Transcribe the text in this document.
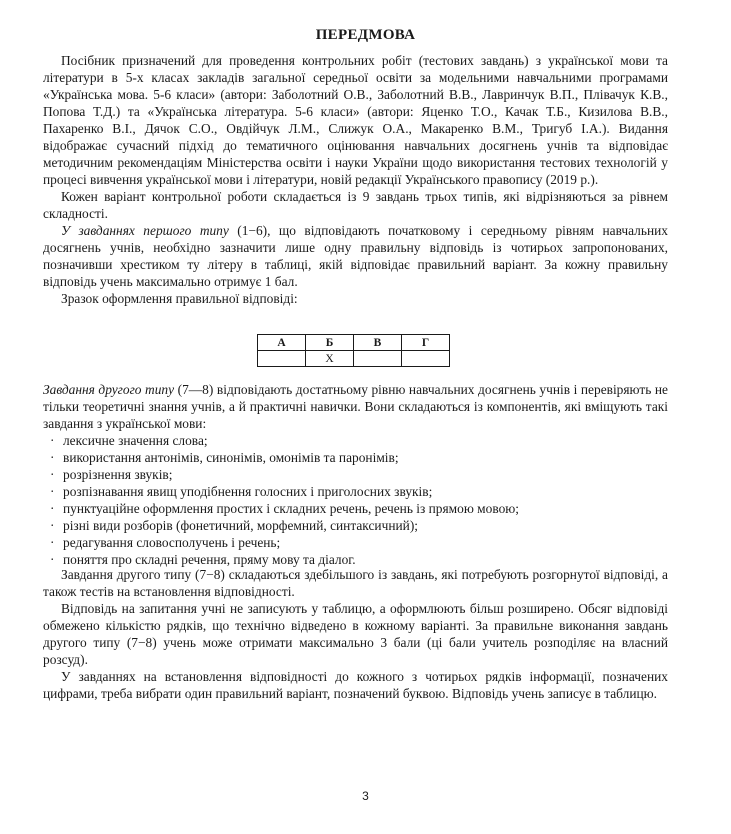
ПЕРЕДМОВА

Посібник призначений для проведення контрольних робіт (тестових завдань) з української мови та літератури в 5-х класах закладів загальної середньої освіти за модельними навчальними програмами «Українська мова. 5-6 класи» (автори: Заболотний О.В., Заболотний В.В., Лавринчук В.П., Плівачук К.В., Попова Т.Д.) та «Українська література. 5-6 класи» (автори: Яценко Т.О., Качак Т.Б., Кизилова В.В., Пахаренко В.І., Дячок С.О., Овдійчук Л.М., Слижук О.А., Макаренко В.М., Тригуб І.А.). Видання відображає сучасний підхід до тематичного оцінювання навчальних досягнень учнів та відповідає методичним рекомендаціям Міністерства освіти і науки України щодо використання тестових технологій у процесі вивчення української мови і літератури, новій редакції Українського правопису (2019 р.).

Кожен варіант контрольної роботи складається із 9 завдань трьох типів, які відрізняються за рівнем складності.

У завданнях першого типу (1−6), що відповідають початковому і середньому рівням навчальних досягнень учнів, необхідно зазначити лише одну правильну відповідь із чотирьох запропонованих, позначивши хрестиком ту літеру в таблиці, якій відповідає правильний варіант. За кожну правильну відповідь учень максимально отримує 1 бал.

Зразок оформлення правильної відповіді:

А	Б	В	Г
	Х		

Завдання другого типу (7—8) відповідають достатньому рівню навчальних досягнень учнів і перевіряють не тільки теоретичні знання учнів, а й практичні навички. Вони складаються із компонентів, які вміщують такі завдання з української мови:

· лексичне значення слова;
· використання антонімів, синонімів, омонімів та паронімів;
· розрізнення звуків;
· розпізнавання явищ уподібнення голосних і приголосних звуків;
· пунктуаційне оформлення простих і складних речень, речень із прямою мовою;
· різні види розборів (фонетичний, морфемний, синтаксичний);
· редагування словосполучень і речень;
· поняття про складні речення, пряму мову та діалог.

Завдання другого типу (7−8) складаються здебільшого із завдань, які потребують розгорнутої відповіді, а також тестів на встановлення відповідності.

Відповідь на запитання учні не записують у таблицю, а оформлюють більш розширено. Обсяг відповіді обмежено кількістю рядків, що технічно відведено в кожному варіанті. За правильне виконання завдань другого типу (7−8) учень може отримати максимально 3 бали (ці бали учитель розподіляє на власний розсуд).

У завданнях на встановлення відповідності до кожного з чотирьох рядків інформації, позначених цифрами, треба вибрати один правильний варіант, позначений буквою. Відповідь учень записує в таблицю.

3
